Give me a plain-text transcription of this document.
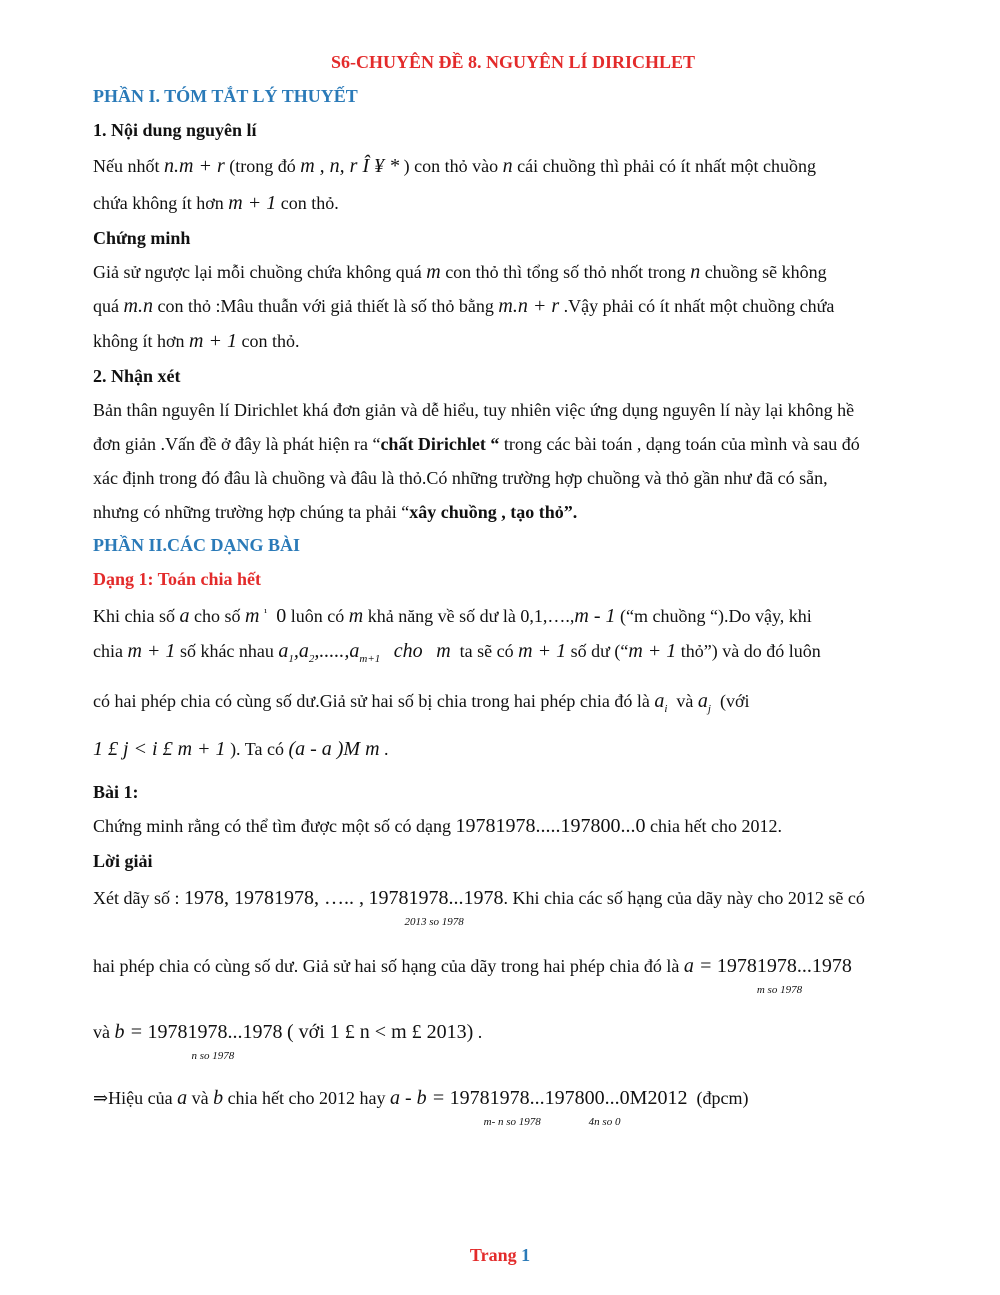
S6-CHUYÊN ĐỀ 8. NGUYÊN LÍ DIRICHLET
PHẦN I. TÓM TẮT LÝ THUYẾT
1. Nội dung nguyên lí
Nếu nhốt n.m + r (trong đó m , n, r Î ¥ * ) con thỏ vào n cái chuồng thì phải có ít nhất một chuồng
chứa không ít hơn m + 1 con thỏ.
Chứng minh
Giả sử ngược lại mỗi chuồng chứa không quá m con thỏ thì tổng số thỏ nhốt trong n chuồng sẽ không
quá m.n con thỏ :Mâu thuẫn với giả thiết là số thỏ bằng m.n + r .Vậy phải có ít nhất một chuồng chứa
không ít hơn m + 1 con thỏ.
2. Nhận xét
Bản thân nguyên lí Dirichlet khá đơn giản và dễ hiểu, tuy nhiên việc ứng dụng nguyên lí này lại không hề
đơn giản .Vấn đề ở đây là phát hiện ra “chất Dirichlet “ trong các bài toán , dạng toán của mình và sau đó
xác định trong đó đâu là chuồng và đâu là thỏ.Có những trường hợp chuồng và thỏ gần như đã có sẵn,
nhưng có những trường hợp chúng ta phải “xây chuồng , tạo thỏ”.
PHẦN II.CÁC DẠNG BÀI
Dạng 1: Toán chia hết
Khi chia số a cho số m $^{^1}$ 0 luôn có m khả năng về số dư là 0,1,….,m - 1 (“m chuồng “).Do vậy, khi
chia m + 1 số khác nhau $a_1,a_2,.....,a_{m+1}$ cho m ta sẽ có m + 1 số dư (“m + 1 thỏ”) và do đó luôn
có hai phép chia có cùng số dư.Giả sử hai số bị chia trong hai phép chia đó là $a_i$ và $a_j$ (với
1 £ j < i £ m + 1 ). Ta có (a - a )M m .
Bài 1:
Chứng minh rằng có thể tìm được một số có dạng 19781978.....197800...0 chia hết cho 2012.
Lời giải
Xét dãy số : 1978, 19781978, ….. , 19781978...1978
2013 so 1978
. Khi chia các số hạng của dãy này cho 2012 sẽ có
hai phép chia có cùng số dư. Giả sử hai số hạng của dãy trong hai phép chia đó là a = 19781978...1978
m so 1978
và b = 19781978...1978
n so 1978
( với 1 £ n < m £ 2013) .
⇒Hiệu của a và b chia hết cho 2012 hay a - b = 19781978...1978
m- n so 1978
00...0
4n so 0
M2012 (đpcm)
Trang 1
